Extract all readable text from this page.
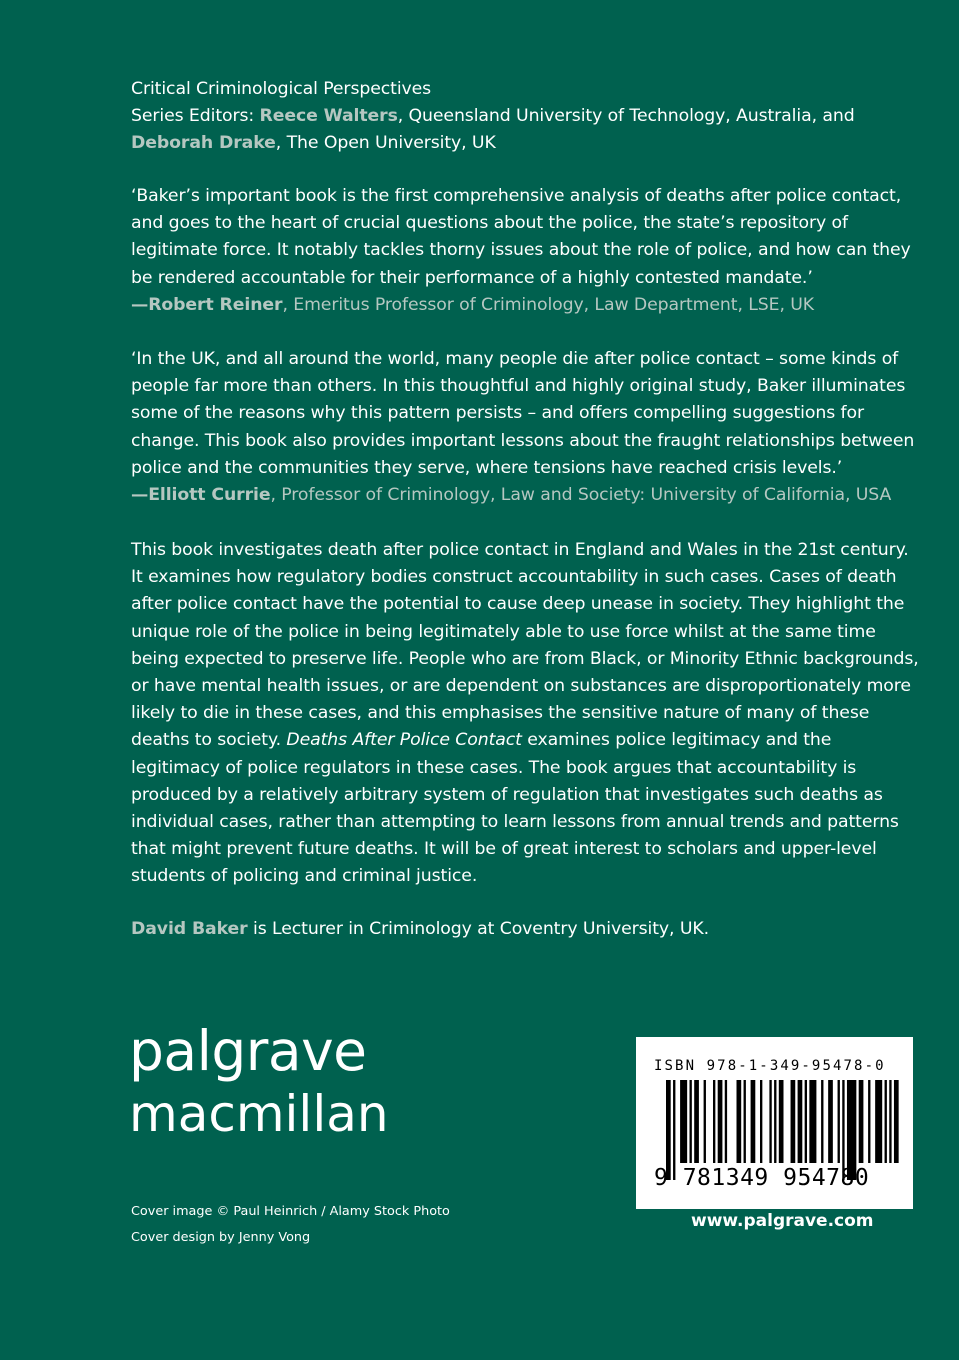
Critical Criminological Perspectives
Series Editors: Reece Walters, Queensland University of Technology, Australia, and
Deborah Drake, The Open University, UK
‘Baker’s important book is the first comprehensive analysis of deaths after police contact, and goes to the heart of crucial questions about the police, the state’s repository of legitimate force. It notably tackles thorny issues about the role of police, and how can they be rendered accountable for their performance of a highly contested mandate.’
—Robert Reiner, Emeritus Professor of Criminology, Law Department, LSE, UK
‘In the UK, and all around the world, many people die after police contact – some kinds of people far more than others. In this thoughtful and highly original study, Baker illuminates some of the reasons why this pattern persists – and offers compelling suggestions for change. This book also provides important lessons about the fraught relationships between police and the communities they serve, where tensions have reached crisis levels.’
—Elliott Currie, Professor of Criminology, Law and Society: University of California, USA
This book investigates death after police contact in England and Wales in the 21st century. It examines how regulatory bodies construct accountability in such cases. Cases of death after police contact have the potential to cause deep unease in society. They highlight the unique role of the police in being legitimately able to use force whilst at the same time being expected to preserve life. People who are from Black, or Minority Ethnic backgrounds, or have mental health issues, or are dependent on substances are disproportionately more likely to die in these cases, and this emphasises the sensitive nature of many of these deaths to society. Deaths After Police Contact examines police legitimacy and the legitimacy of police regulators in these cases. The book argues that accountability is produced by a relatively arbitrary system of regulation that investigates such deaths as individual cases, rather than attempting to learn lessons from annual trends and patterns that might prevent future deaths. It will be of great interest to scholars and upper-level students of policing and criminal justice.
David Baker is Lecturer in Criminology at Coventry University, UK.
palgrave
macmillan
Cover image © Paul Heinrich / Alamy Stock Photo
Cover design by Jenny Vong
ISBN 978-1-349-95478-0
9 781349 954780
www.palgrave.com
